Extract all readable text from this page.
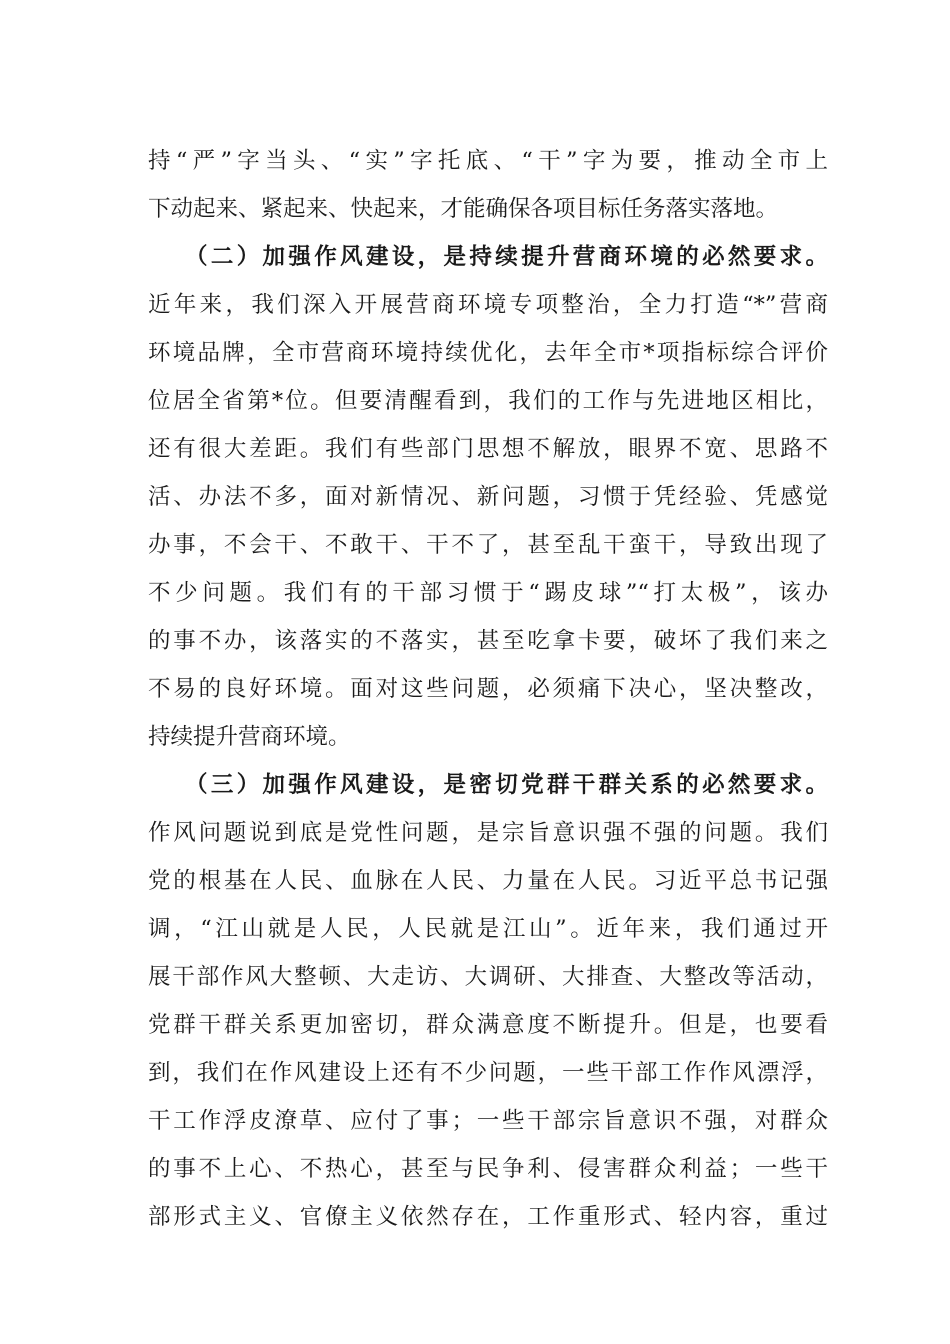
持“严”字当头、“实”字托底、“干”字为要，推动全市上
下动起来、紧起来、快起来，才能确保各项目标任务落实落地。
（二）加强作风建设，是持续提升营商环境的必然要求。
近年来，我们深入开展营商环境专项整治，全力打造“*”营商
环境品牌，全市营商环境持续优化，去年全市*项指标综合评价
位居全省第*位。但要清醒看到，我们的工作与先进地区相比，
还有很大差距。我们有些部门思想不解放，眼界不宽、思路不
活、办法不多，面对新情况、新问题，习惯于凭经验、凭感觉
办事，不会干、不敢干、干不了，甚至乱干蛮干，导致出现了
不少问题。我们有的干部习惯于“踢皮球”“打太极”，该办
的事不办，该落实的不落实，甚至吃拿卡要，破坏了我们来之
不易的良好环境。面对这些问题，必须痛下决心，坚决整改，
持续提升营商环境。
（三）加强作风建设，是密切党群干群关系的必然要求。
作风问题说到底是党性问题，是宗旨意识强不强的问题。我们
党的根基在人民、血脉在人民、力量在人民。习近平总书记强
调，“江山就是人民，人民就是江山”。近年来，我们通过开
展干部作风大整顿、大走访、大调研、大排查、大整改等活动，
党群干群关系更加密切，群众满意度不断提升。但是，也要看
到，我们在作风建设上还有不少问题，一些干部工作作风漂浮，
干工作浮皮潦草、应付了事；一些干部宗旨意识不强，对群众
的事不上心、不热心，甚至与民争利、侵害群众利益；一些干
部形式主义、官僚主义依然存在，工作重形式、轻内容，重过
